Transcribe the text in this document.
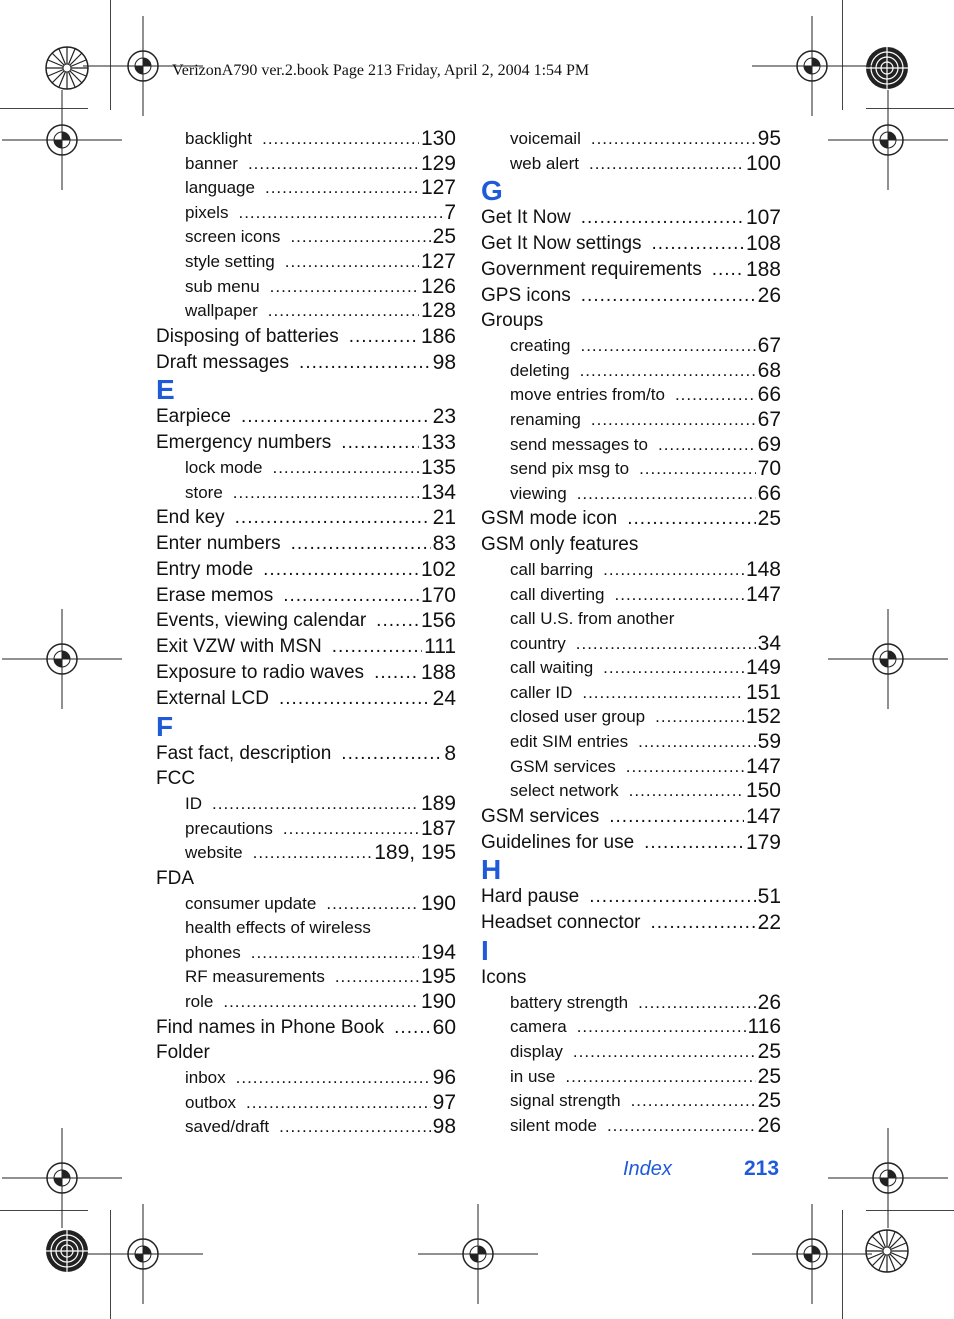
VerizonA790 ver.2.book Page 213 Friday, April 2, 2004 1:54 PM
backlight .....	130
banner .....	129
language .....	127
pixels .....	7
screen icons .....	25
style setting .....	127
sub menu .....	126
wallpaper .....	128
Disposing of batteries .....	186
Draft messages .....	98
E
Earpiece .....	23
Emergency numbers .....	133
lock mode .....	135
store .....	134
End key .....	21
Enter numbers .....	83
Entry mode .....	102
Erase memos .....	170
Events, viewing calendar .....	156
Exit VZW with MSN .....	111
Exposure to radio waves .....	188
External LCD .....	24
F
Fast fact, description .....	8
FCC
ID .....	189
precautions .....	187
website .....	189, 195
FDA
consumer update .....	190
health effects of wireless
phones .....	194
RF measurements .....	195
role .....	190
Find names in Phone Book ..... 60
Folder
inbox .....	96
outbox .....	97
saved/draft .....	98
voicemail .....	95
web alert .....	100
G
Get It Now .....	107
Get It Now settings .....	108
Government requirements ..... 188
GPS icons .....	26
Groups
creating .....	67
deleting .....	68
move entries from/to .....	66
renaming .....	67
send messages to .....	69
send pix msg to .....	70
viewing .....	66
GSM mode icon .....	25
GSM only features
call barring .....	148
call diverting .....	147
call U.S. from another
country .....	34
call waiting .....	149
caller ID .....	151
closed user group .....	152
edit SIM entries .....	59
GSM services .....	147
select network .....	150
GSM services .....	147
Guidelines for use .....	179
H
Hard pause .....	51
Headset connector .....	22
I
Icons
battery strength .....	26
camera .....	116
display .....	25
in use .....	25
signal strength .....	25
silent mode .....	26
Index	213
